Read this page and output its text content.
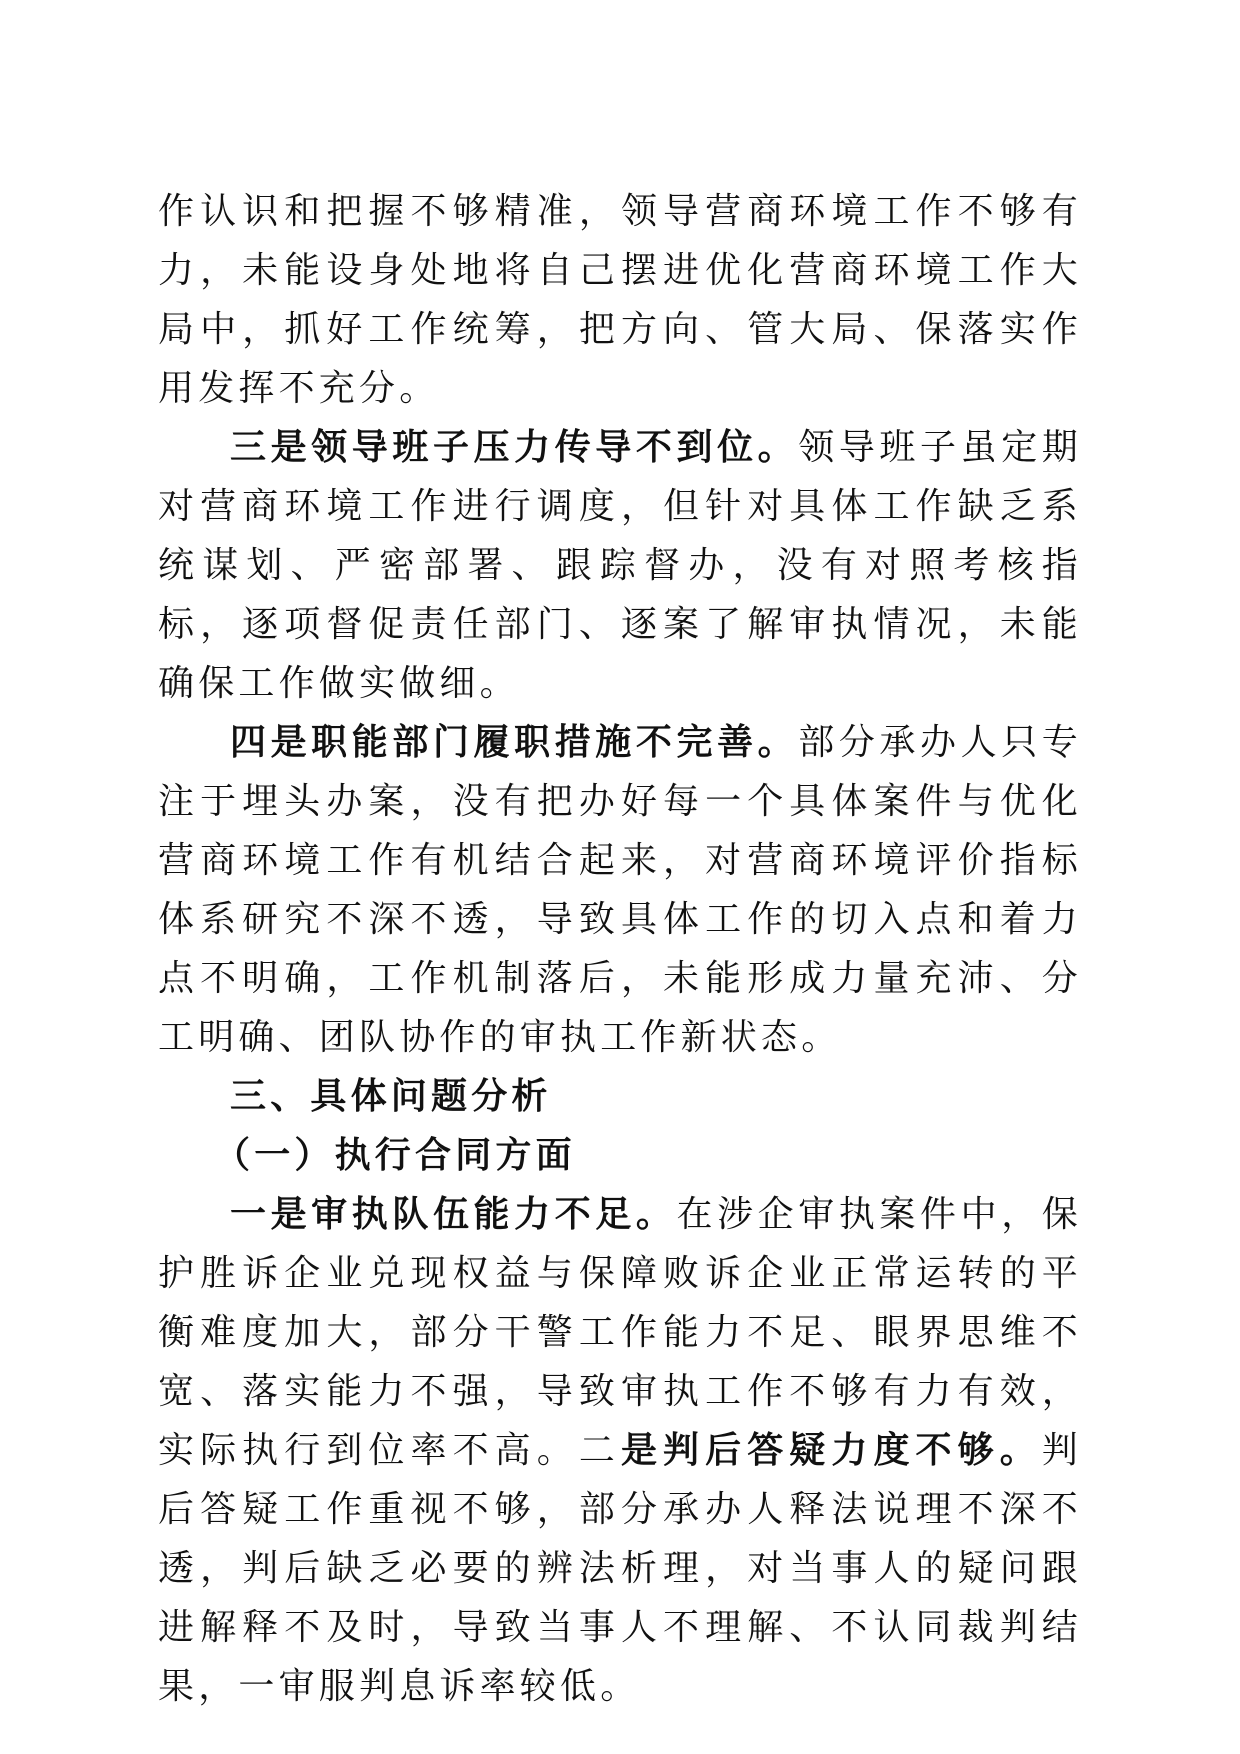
作认识和把握不够精准，领导营商环境工作不够有力，未能设身处地将自己摆进优化营商环境工作大局中，抓好工作统筹，把方向、管大局、保落实作用发挥不充分。

三是领导班子压力传导不到位。领导班子虽定期对营商环境工作进行调度，但针对具体工作缺乏系统谋划、严密部署、跟踪督办，没有对照考核指标，逐项督促责任部门、逐案了解审执情况，未能确保工作做实做细。

四是职能部门履职措施不完善。部分承办人只专注于埋头办案，没有把办好每一个具体案件与优化营商环境工作有机结合起来，对营商环境评价指标体系研究不深不透，导致具体工作的切入点和着力点不明确，工作机制落后，未能形成力量充沛、分工明确、团队协作的审执工作新状态。

三、具体问题分析

（一）执行合同方面

一是审执队伍能力不足。在涉企审执案件中，保护胜诉企业兑现权益与保障败诉企业正常运转的平衡难度加大，部分干警工作能力不足、眼界思维不宽、落实能力不强，导致审执工作不够有力有效，实际执行到位率不高。二是判后答疑力度不够。判后答疑工作重视不够，部分承办人释法说理不深不透，判后缺乏必要的辨法析理，对当事人的疑问跟进解释不及时，导致当事人不理解、不认同裁判结果，一审服判息诉率较低。
